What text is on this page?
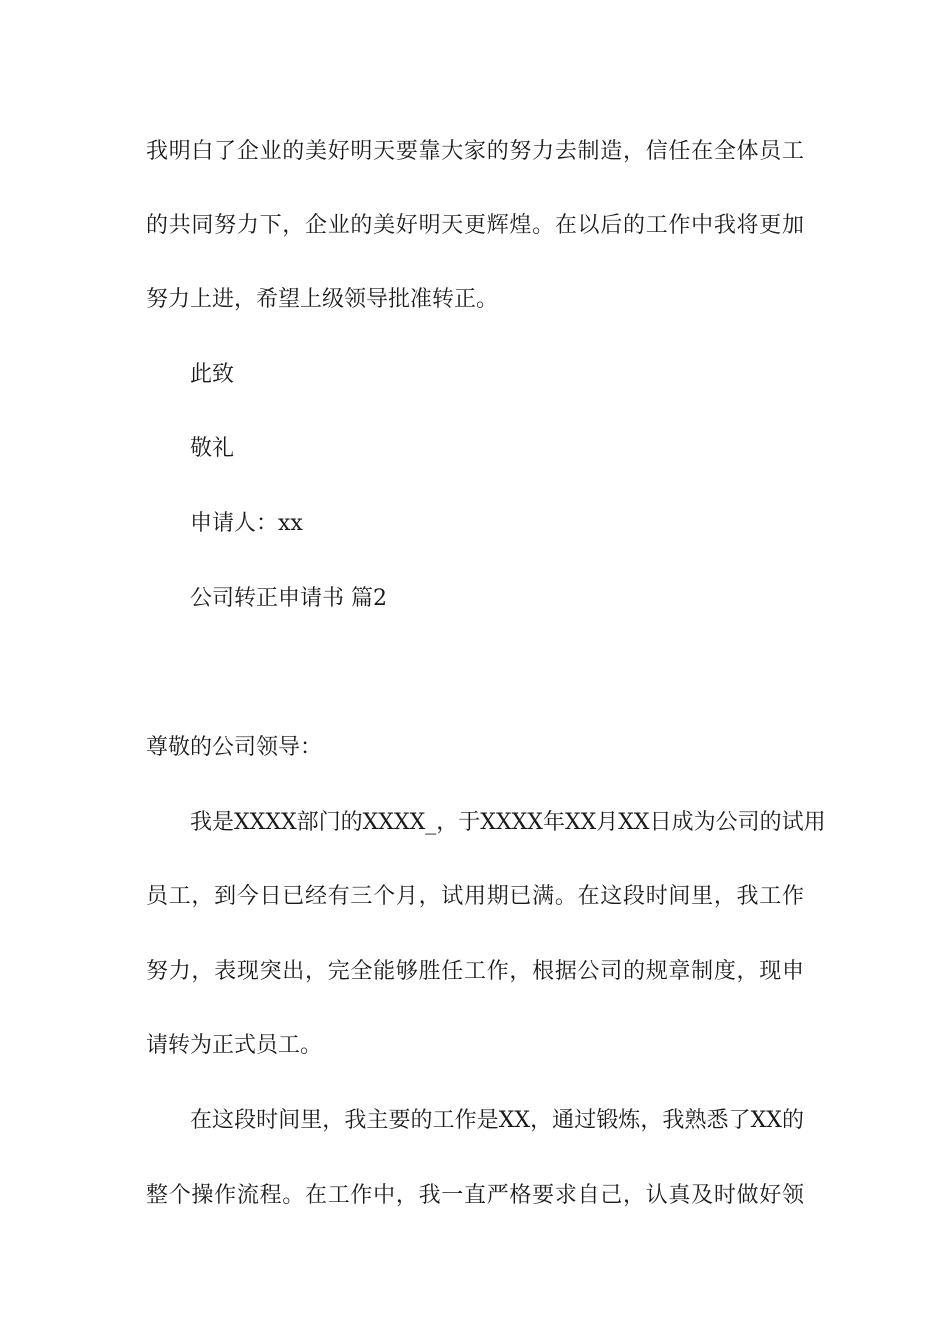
我明白了企业的美好明天要靠大家的努力去制造，信任在全体员工
的共同努力下，企业的美好明天更辉煌。在以后的工作中我将更加
努力上进，希望上级领导批准转正。
此致
敬礼
申请人：xx
公司转正申请书 篇2
尊敬的公司领导：
我是XXXX部门的XXXX_，于XXXX年XX月XX日成为公司的试用
员工，到今日已经有三个月，试用期已满。在这段时间里，我工作
努力，表现突出，完全能够胜任工作，根据公司的规章制度，现申
请转为正式员工。
在这段时间里，我主要的工作是XX，通过锻炼，我熟悉了XX的
整个操作流程。在工作中，我一直严格要求自己，认真及时做好领
